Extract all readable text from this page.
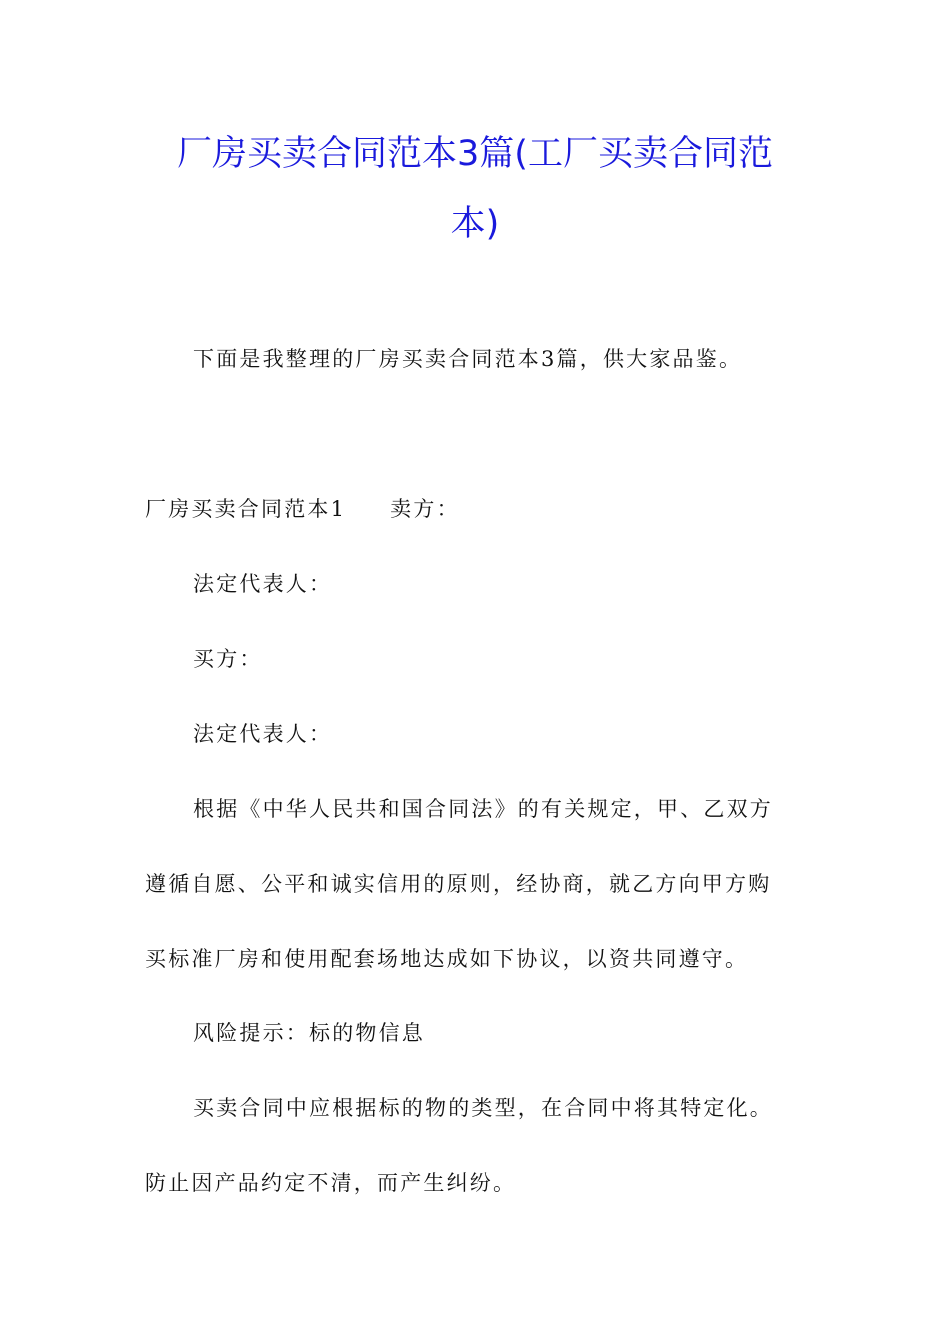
厂房买卖合同范本3篇(工厂买卖合同范
本)
下面是我整理的厂房买卖合同范本3篇，供大家品鉴。
厂房买卖合同范本1 卖方：
法定代表人：
买方：
法定代表人：
根据《中华人民共和国合同法》的有关规定，甲、乙双方
遵循自愿、公平和诚实信用的原则，经协商，就乙方向甲方购
买标准厂房和使用配套场地达成如下协议，以资共同遵守。
风险提示：标的物信息
买卖合同中应根据标的物的类型，在合同中将其特定化。
防止因产品约定不清，而产生纠纷。
